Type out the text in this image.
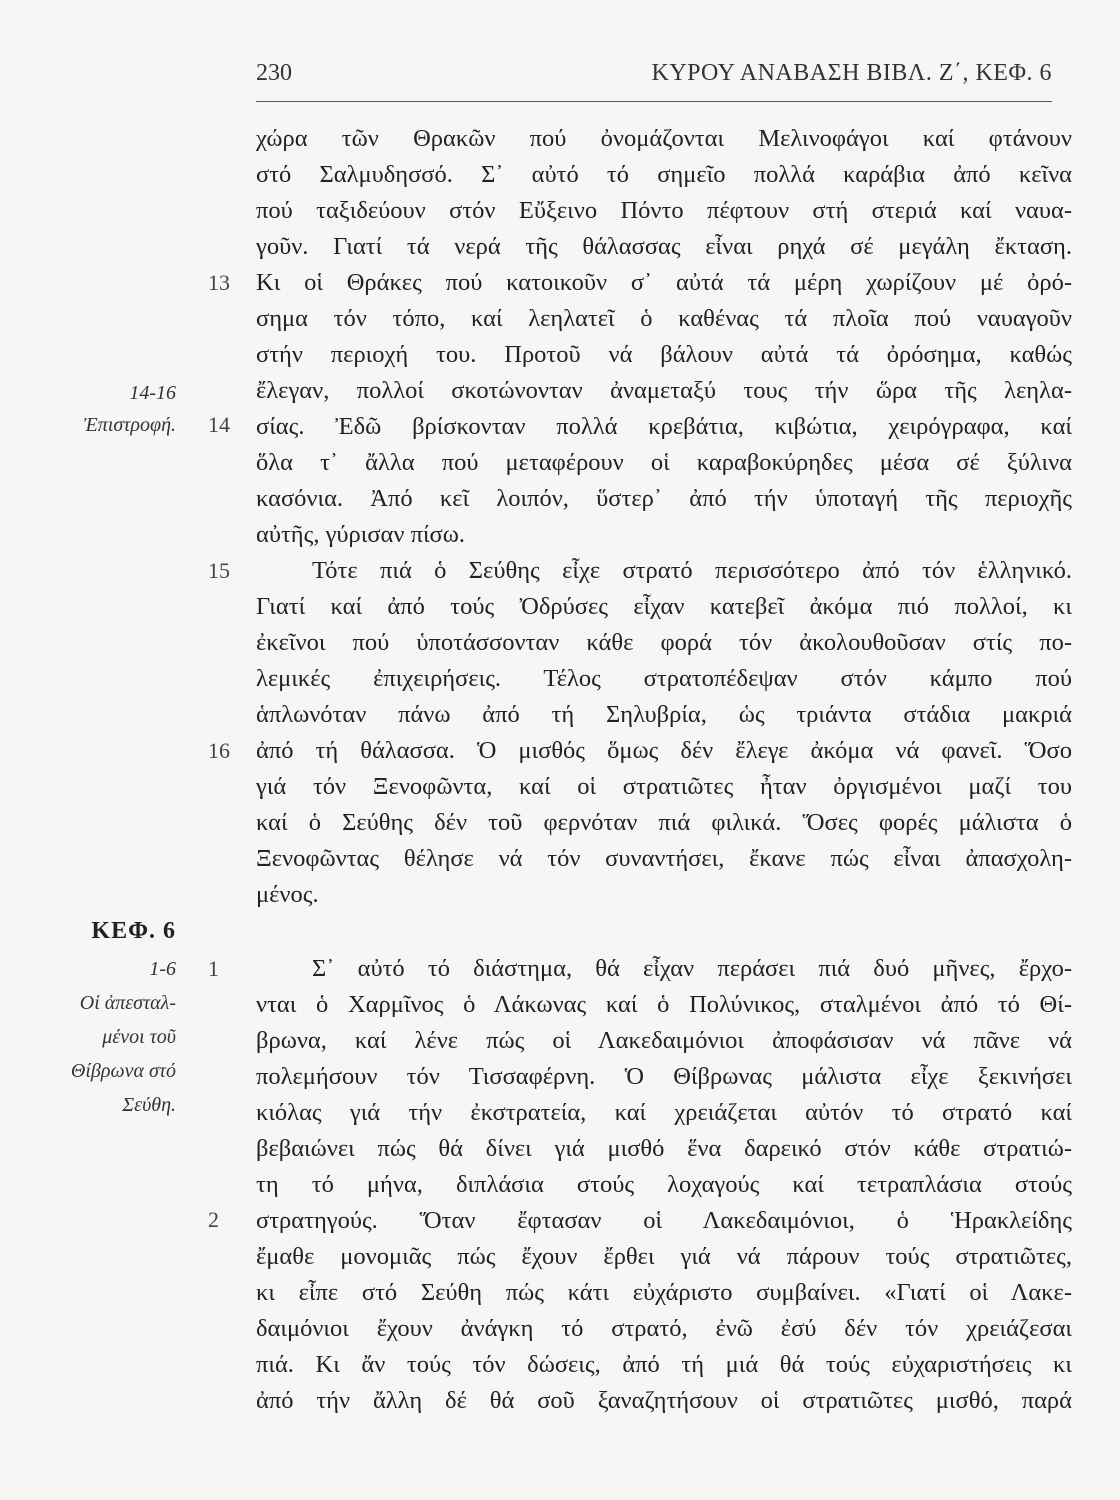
230	ΚΥΡΟΥ ΑΝΑΒΑΣΗ ΒΙΒΛ. Ζ΄, ΚΕΦ. 6
13
14
15
16
1
2
14-16
Ἐπιστροφή.
ΚΕΦ. 6
1-6
Οἱ ἀπεσταλ-
μένοι τοῦ
Θίβρωνα στό
Σεύθη.
χώρα τῶν Θρακῶν πού ὀνομάζονται Μελινοφάγοι καί φτάνουν
στό Σαλμυδησσό. Σ᾽ αὐτό τό σημεῖο πολλά καράβια ἀπό κεῖνα
πού ταξιδεύουν στόν Εὔξεινο Πόντο πέφτουν στή στεριά καί ναυα-
γοῦν. Γιατί τά νερά τῆς θάλασσας εἶναι ρηχά σέ μεγάλη ἔκταση.
Κι οἱ Θράκες πού κατοικοῦν σ᾽ αὐτά τά μέρη χωρίζουν μέ ὀρό-
σημα τόν τόπο, καί λεηλατεῖ ὁ καθένας τά πλοῖα πού ναυαγοῦν
στήν περιοχή του. Προτοῦ νά βάλουν αὐτά τά ὀρόσημα, καθώς
ἔλεγαν, πολλοί σκοτώνονταν ἀναμεταξύ τους τήν ὥρα τῆς λεηλα-
σίας. Ἐδῶ βρίσκονταν πολλά κρεβάτια, κιβώτια, χειρόγραφα, καί
ὅλα τ᾽ ἄλλα πού μεταφέρουν οἱ καραβοκύρηδες μέσα σέ ξύλινα
κασόνια. Ἀπό κεῖ λοιπόν, ὕστερ᾽ ἀπό τήν ὑποταγή τῆς περιοχῆς
αὐτῆς, γύρισαν πίσω.
Τότε πιά ὁ Σεύθης εἶχε στρατό περισσότερο ἀπό τόν ἑλληνικό.
Γιατί καί ἀπό τούς Ὀδρύσες εἶχαν κατεβεῖ ἀκόμα πιό πολλοί, κι
ἐκεῖνοι πού ὑποτάσσονταν κάθε φορά τόν ἀκολουθοῦσαν στίς πο-
λεμικές ἐπιχειρήσεις. Τέλος στρατοπέδεψαν στόν κάμπο πού
ἁπλωνόταν πάνω ἀπό τή Σηλυβρία, ὡς τριάντα στάδια μακριά
ἀπό τή θάλασσα. Ὁ μισθός ὅμως δέν ἔλεγε ἀκόμα νά φανεῖ. Ὅσο
γιά τόν Ξενοφῶντα, καί οἱ στρατιῶτες ἦταν ὀργισμένοι μαζί του
καί ὁ Σεύθης δέν τοῦ φερνόταν πιά φιλικά. Ὅσες φορές μάλιστα ὁ
Ξενοφῶντας θέλησε νά τόν συναντήσει, ἔκανε πώς εἶναι ἀπασχολη-
μένος.
Σ᾽ αὐτό τό διάστημα, θά εἶχαν περάσει πιά δυό μῆνες, ἔρχο-
νται ὁ Χαρμῖνος ὁ Λάκωνας καί ὁ Πολύνικος, σταλμένοι ἀπό τό Θί-
βρωνα, καί λένε πώς οἱ Λακεδαιμόνιοι ἀποφάσισαν νά πᾶνε νά
πολεμήσουν τόν Τισσαφέρνη. Ὁ Θίβρωνας μάλιστα εἶχε ξεκινήσει
κιόλας γιά τήν ἐκστρατεία, καί χρειάζεται αὐτόν τό στρατό καί
βεβαιώνει πώς θά δίνει γιά μισθό ἕνα δαρεικό στόν κάθε στρατιώ-
τη τό μήνα, διπλάσια στούς λοχαγούς καί τετραπλάσια στούς
στρατηγούς. Ὅταν ἔφτασαν οἱ Λακεδαιμόνιοι, ὁ Ἡρακλείδης
ἔμαθε μονομιᾶς πώς ἔχουν ἔρθει γιά νά πάρουν τούς στρατιῶτες,
κι εἶπε στό Σεύθη πώς κάτι εὐχάριστο συμβαίνει. «Γιατί οἱ Λακε-
δαιμόνιοι ἔχουν ἀνάγκη τό στρατό, ἐνῶ ἐσύ δέν τόν χρειάζεσαι
πιά. Κι ἄν τούς τόν δώσεις, ἀπό τή μιά θά τούς εὐχαριστήσεις κι
ἀπό τήν ἄλλη δέ θά σοῦ ξαναζητήσουν οἱ στρατιῶτες μισθό, παρά
